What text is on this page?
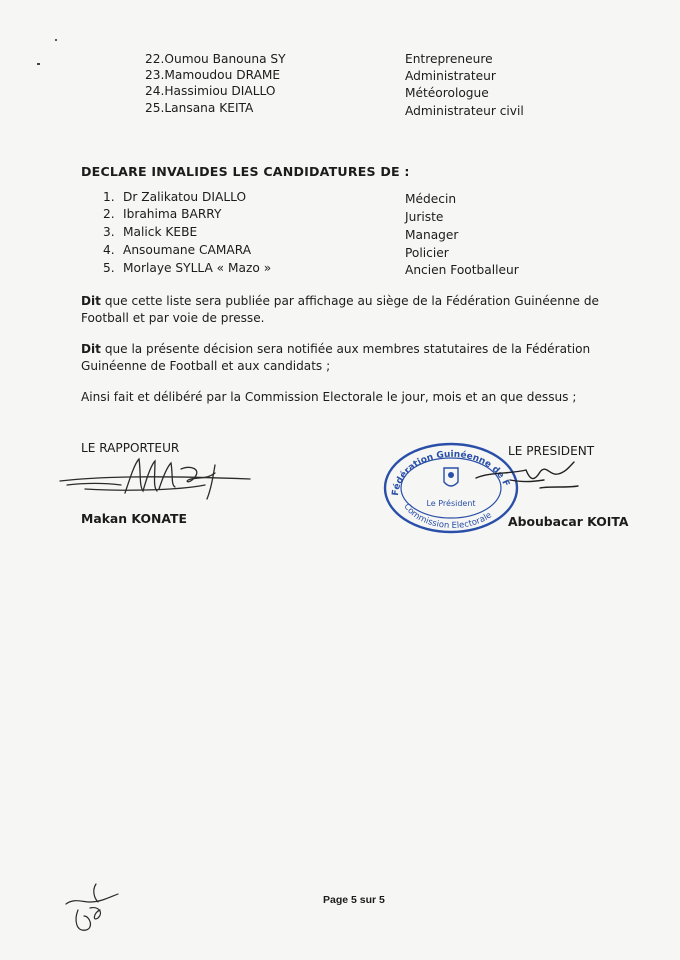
22.Oumou Banouna SY	Entrepreneure
23.Mamoudou DRAME	Administrateur
24.Hassimiou DIALLO	Météorologue
25.Lansana KEITA	Administrateur civil
DECLARE INVALIDES LES CANDIDATURES DE :
1. Dr Zalikatou DIALLO	Médecin
2. Ibrahima BARRY	Juriste
3. Malick KEBE	Manager
4. Ansoumane CAMARA	Policier
5. Morlaye SYLLA « Mazo »	Ancien Footballeur
Dit que cette liste sera publiée par affichage au siège de la Fédération Guinéenne de Football et par voie de presse.
Dit que la présente décision sera notifiée aux membres statutaires de la Fédération Guinéenne de Football et aux candidats ;
Ainsi fait et délibéré par la Commission Electorale le jour, mois et an que dessus ;
LE RAPPORTEUR
Makan KONATE
Fédération Guinéenne de Football
Commission Electorale
Le Président
LE PRESIDENT
Aboubacar KOITA
Page 5 sur 5
